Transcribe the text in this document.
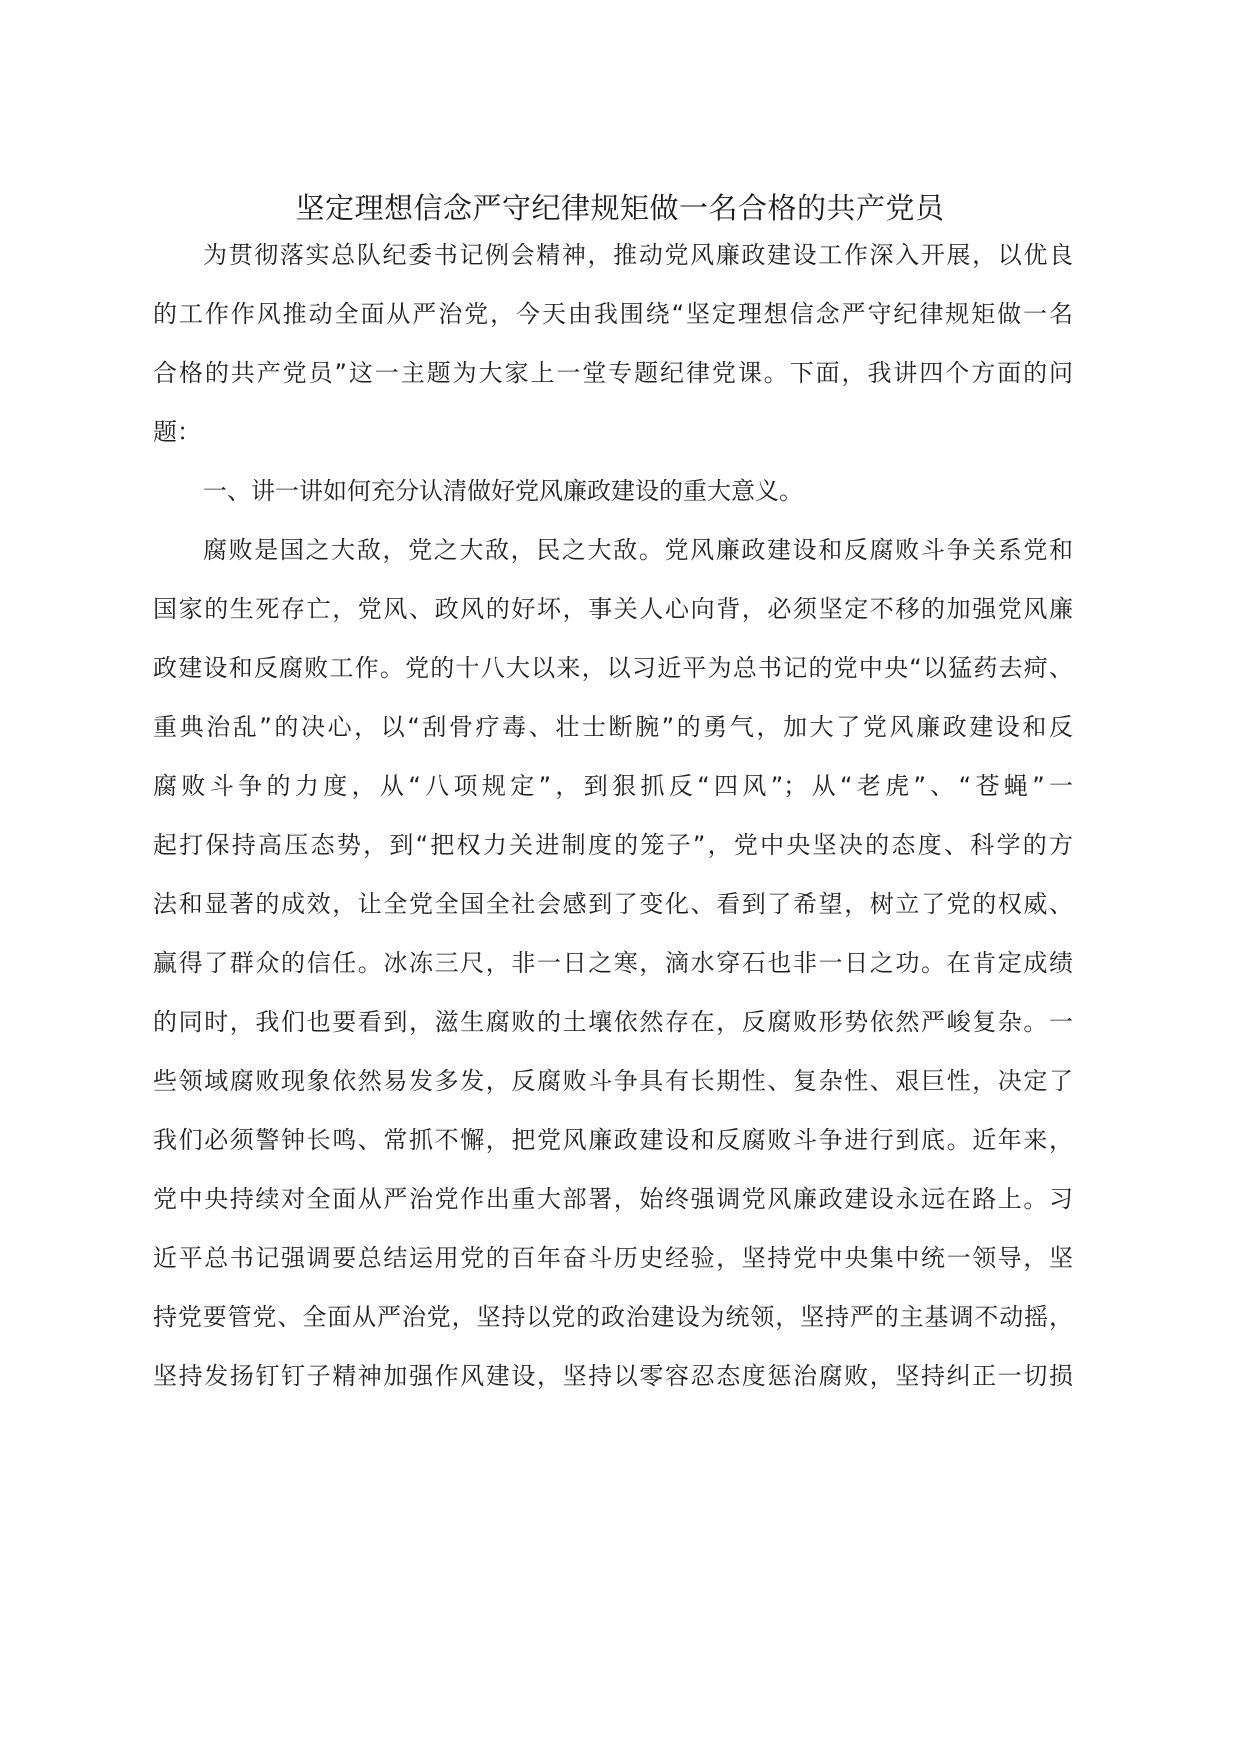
坚定理想信念严守纪律规矩做一名合格的共产党员
为贯彻落实总队纪委书记例会精神，推动党风廉政建设工作深入开展，以优良
的工作作风推动全面从严治党，今天由我围绕“坚定理想信念严守纪律规矩做一名
合格的共产党员”这一主题为大家上一堂专题纪律党课。下面，我讲四个方面的问
题：
一、讲一讲如何充分认清做好党风廉政建设的重大意义。
腐败是国之大敌，党之大敌，民之大敌。党风廉政建设和反腐败斗争关系党和
国家的生死存亡，党风、政风的好坏，事关人心向背，必须坚定不移的加强党风廉
政建设和反腐败工作。党的十八大以来，以习近平为总书记的党中央“以猛药去疴、
重典治乱”的决心，以“刮骨疗毒、壮士断腕”的勇气，加大了党风廉政建设和反
腐败斗争的力度，从“八项规定”，到狠抓反“四风”；从“老虎”、“苍蝇”一
起打保持高压态势，到“把权力关进制度的笼子”，党中央坚决的态度、科学的方
法和显著的成效，让全党全国全社会感到了变化、看到了希望，树立了党的权威、
赢得了群众的信任。冰冻三尺，非一日之寒，滴水穿石也非一日之功。在肯定成绩
的同时，我们也要看到，滋生腐败的土壤依然存在，反腐败形势依然严峻复杂。一
些领域腐败现象依然易发多发，反腐败斗争具有长期性、复杂性、艰巨性，决定了
我们必须警钟长鸣、常抓不懈，把党风廉政建设和反腐败斗争进行到底。近年来，
党中央持续对全面从严治党作出重大部署，始终强调党风廉政建设永远在路上。习
近平总书记强调要总结运用党的百年奋斗历史经验，坚持党中央集中统一领导，坚
持党要管党、全面从严治党，坚持以党的政治建设为统领，坚持严的主基调不动摇，
坚持发扬钉钉子精神加强作风建设，坚持以零容忍态度惩治腐败，坚持纠正一切损
